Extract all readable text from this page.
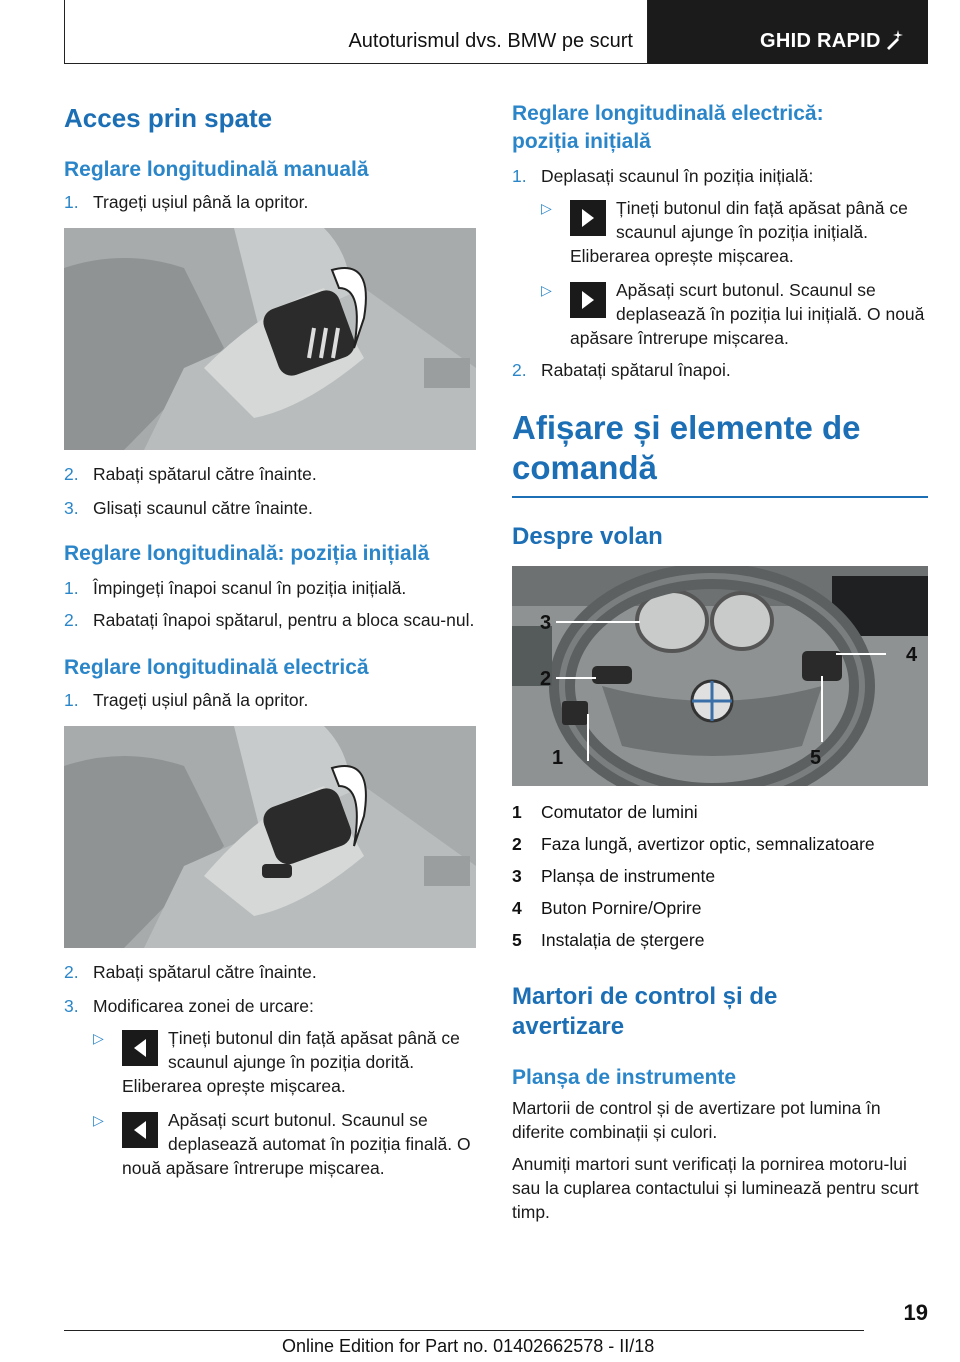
Autoturismul dvs. BMW pe scurt	GHID RAPID
Acces prin spate
Reglare longitudinală manuală
1. Trageți ușiul până la opritor.
2. Rabați spătarul către înainte.
3. Glisați scaunul către înainte.
Reglare longitudinală: poziția inițială
1. Împingeți înapoi scanul în poziția inițială.
2. Rabatați înapoi spătarul, pentru a bloca scau-nul.
Reglare longitudinală electrică
1. Trageți ușiul până la opritor.
2. Rabați spătarul către înainte.
3. Modificarea zonei de urcare:
▷	Țineți butonul din față apăsat până ce scaunul ajunge în poziția dorită. Eliberarea oprește mișcarea.
▷	Apăsați scurt butonul. Scaunul se deplasează automat în poziția finală. O nouă apăsare întrerupe mișcarea.
Reglare longitudinală electrică: poziția inițială
1. Deplasați scaunul în poziția inițială:
▷	Țineți butonul din față apăsat până ce scaunul ajunge în poziția inițială. Eliberarea oprește mișcarea.
▷	Apăsați scurt butonul. Scaunul se deplasează în poziția lui inițială. O nouă apăsare întrerupe mișcarea.
2. Rabatați spătarul înapoi.
Afișare și elemente de comandă
Despre volan
3
2
1
4
5
1	Comutator de lumini
2	Faza lungă, avertizor optic, semnalizatoare
3	Planșa de instrumente
4	Buton Pornire/Oprire
5	Instalația de ștergere
Martori de control și de avertizare
Planșa de instrumente
Martorii de control și de avertizare pot lumina în diferite combinații și culori.
Anumiți martori sunt verificați la pornirea motoru-lui sau la cuplarea contactului și luminează pentru scurt timp.
19
Online Edition for Part no. 01402662578 - II/18
